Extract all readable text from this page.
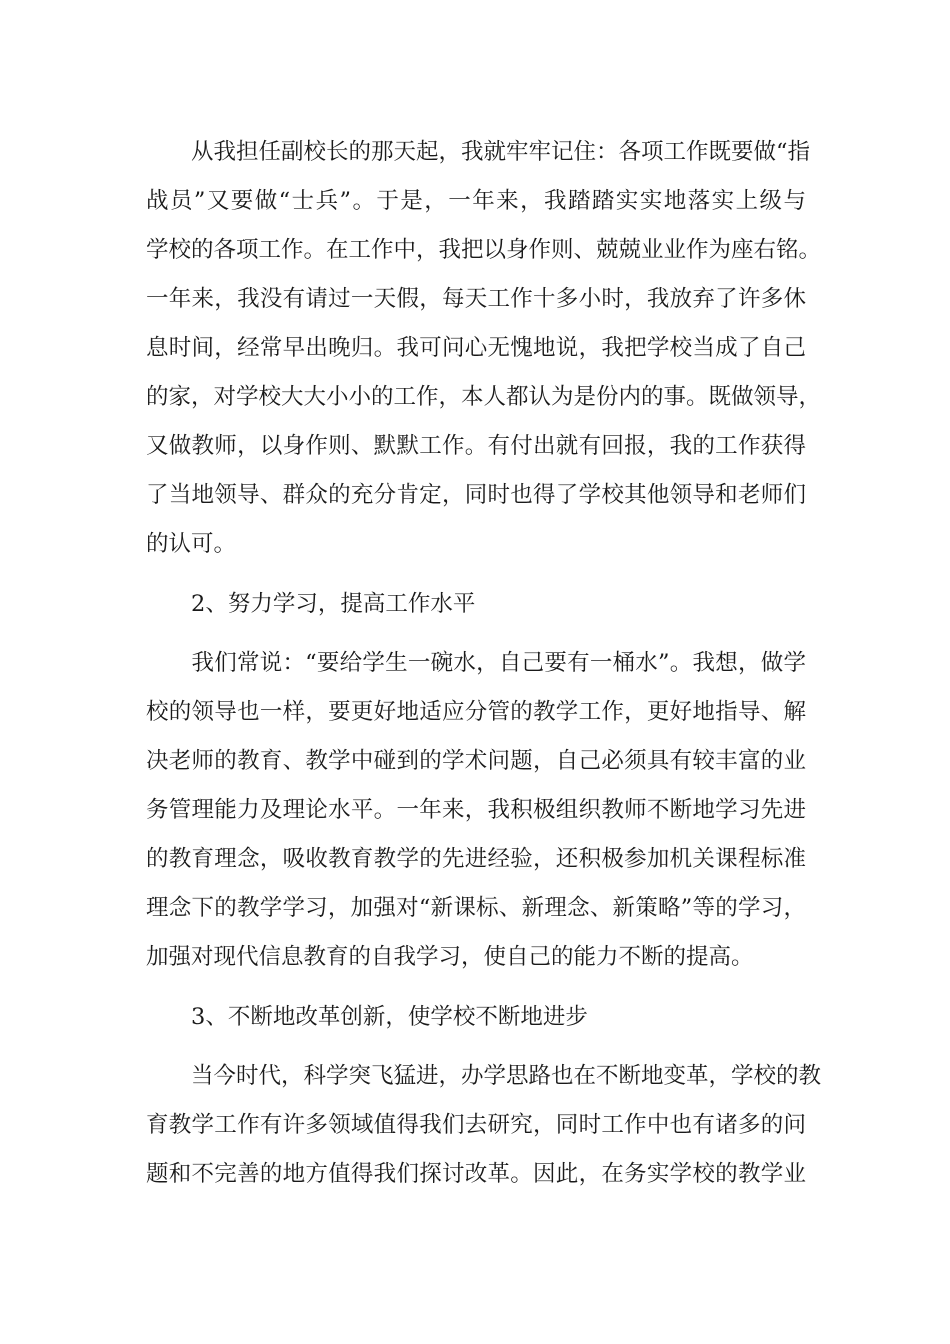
　　从我担任副校长的那天起，我就牢牢记住：各项工作既要做“指

战员”又要做“士兵”。于是，一年来，我踏踏实实地落实上级与

学校的各项工作。在工作中，我把以身作则、兢兢业业作为座右铭。

一年来，我没有请过一天假，每天工作十多小时，我放弃了许多休

息时间，经常早出晚归。我可问心无愧地说，我把学校当成了自己

的家，对学校大大小小的工作，本人都认为是份内的事。既做领导，

又做教师，以身作则、默默工作。有付出就有回报，我的工作获得

了当地领导、群众的充分肯定，同时也得了学校其他领导和老师们

的认可。

　　2、努力学习，提高工作水平

　　我们常说：“要给学生一碗水，自己要有一桶水”。我想，做学

校的领导也一样，要更好地适应分管的教学工作，更好地指导、解

决老师的教育、教学中碰到的学术问题，自己必须具有较丰富的业

务管理能力及理论水平。一年来，我积极组织教师不断地学习先进

的教育理念，吸收教育教学的先进经验，还积极参加机关课程标准

理念下的教学学习，加强对“新课标、新理念、新策略”等的学习，

加强对现代信息教育的自我学习，使自己的能力不断的提高。

　　3、不断地改革创新，使学校不断地进步

　　当今时代，科学突飞猛进，办学思路也在不断地变革，学校的教

育教学工作有许多领域值得我们去研究，同时工作中也有诸多的问

题和不完善的地方值得我们探讨改革。因此，在务实学校的教学业
